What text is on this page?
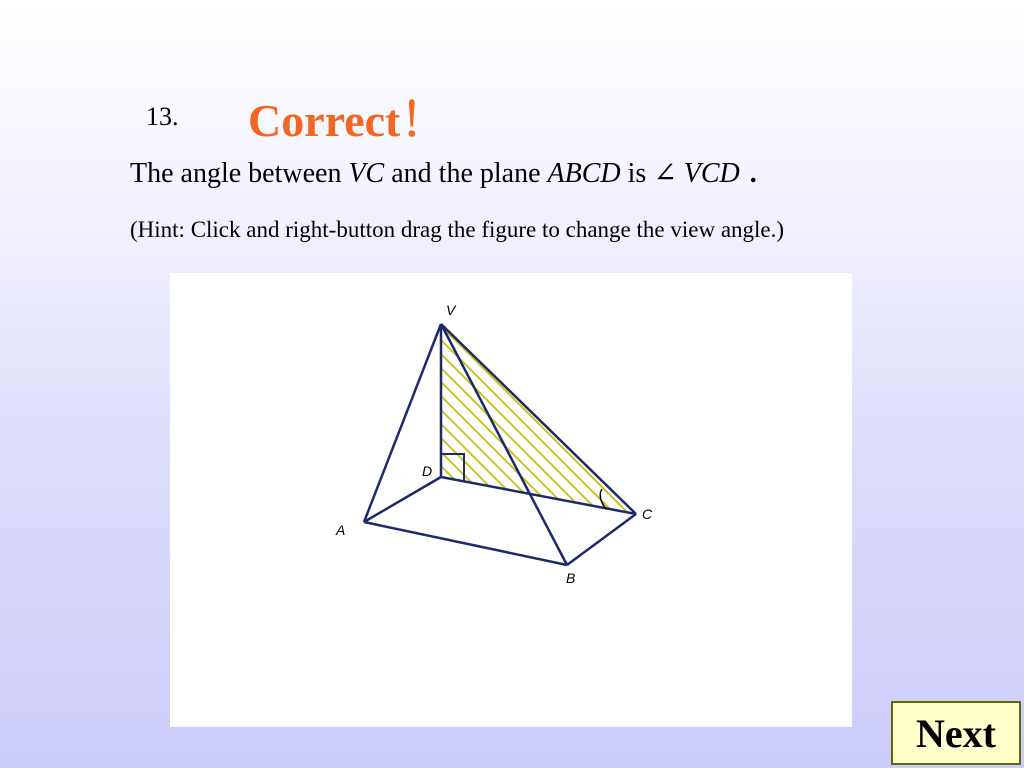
13. Correct！
The angle between VC and the plane ABCD is ∠ VCD .
(Hint: Click and right-button drag the figure to change the view angle.)
V
D
A
C
B
Next
